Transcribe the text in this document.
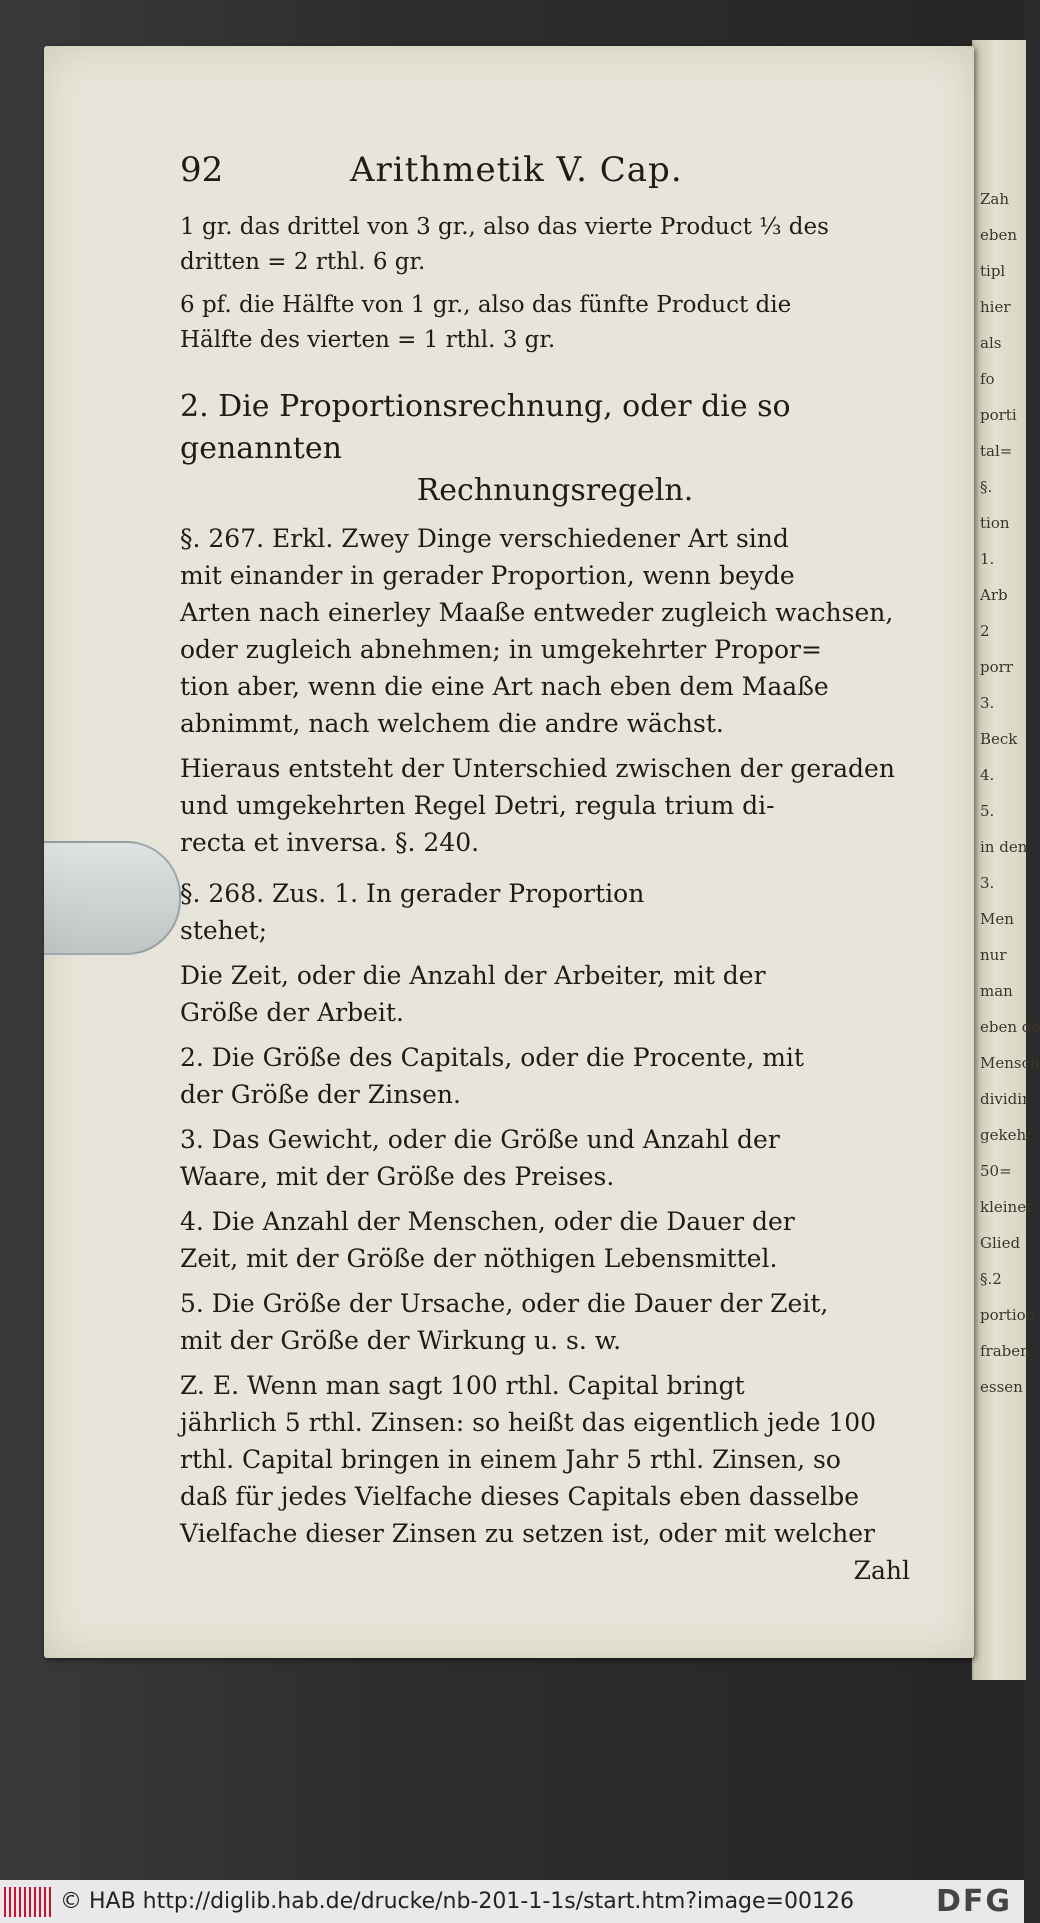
Zah
eben
tipl
hier
als
fo
porti
tal=
§.
tion
1.
Arb
2
porr
3.
Beck
4.
5.
in den
3.
Men
nur
man
eben de
Mensch
dividir
gekehr
50=
kleiner
Glied
§.2
portion
fraben
essen
92	Arithmetik V. Cap.
1 gr. das drittel von 3 gr., also das vierte Product ⅓ des
dritten = 2 rthl. 6 gr.
6 pf. die Hälfte von 1 gr., also das fünfte Product die
Hälfte des vierten = 1 rthl. 3 gr.
2. Die Proportionsrechnung, oder die so genannten
Rechnungsregeln.
§. 267. Erkl. Zwey Dinge verschiedener Art sind
mit einander in gerader Proportion, wenn beyde
Arten nach einerley Maaße entweder zugleich wachsen,
oder zugleich abnehmen; in umgekehrter Propor=
tion aber, wenn die eine Art nach eben dem Maaße
abnimmt, nach welchem die andre wächst.
Hieraus entsteht der Unterschied zwischen der geraden
und umgekehrten Regel Detri, regula trium di-
recta et inversa. §. 240.
§. 268. Zus. 1. In gerader Proportion
stehet;
Die Zeit, oder die Anzahl der Arbeiter, mit der
Größe der Arbeit.
2. Die Größe des Capitals, oder die Procente, mit
der Größe der Zinsen.
3. Das Gewicht, oder die Größe und Anzahl der
Waare, mit der Größe des Preises.
4. Die Anzahl der Menschen, oder die Dauer der
Zeit, mit der Größe der nöthigen Lebensmittel.
5. Die Größe der Ursache, oder die Dauer der Zeit,
mit der Größe der Wirkung u. s. w.
Z. E. Wenn man sagt 100 rthl. Capital bringt
jährlich 5 rthl. Zinsen: so heißt das eigentlich jede 100
rthl. Capital bringen in einem Jahr 5 rthl. Zinsen, so
daß für jedes Vielfache dieses Capitals eben dasselbe
Vielfache dieser Zinsen zu setzen ist, oder mit welcher
Zahl
© HAB http://diglib.hab.de/drucke/nb-201-1-1s/start.htm?image=00126	DFG
